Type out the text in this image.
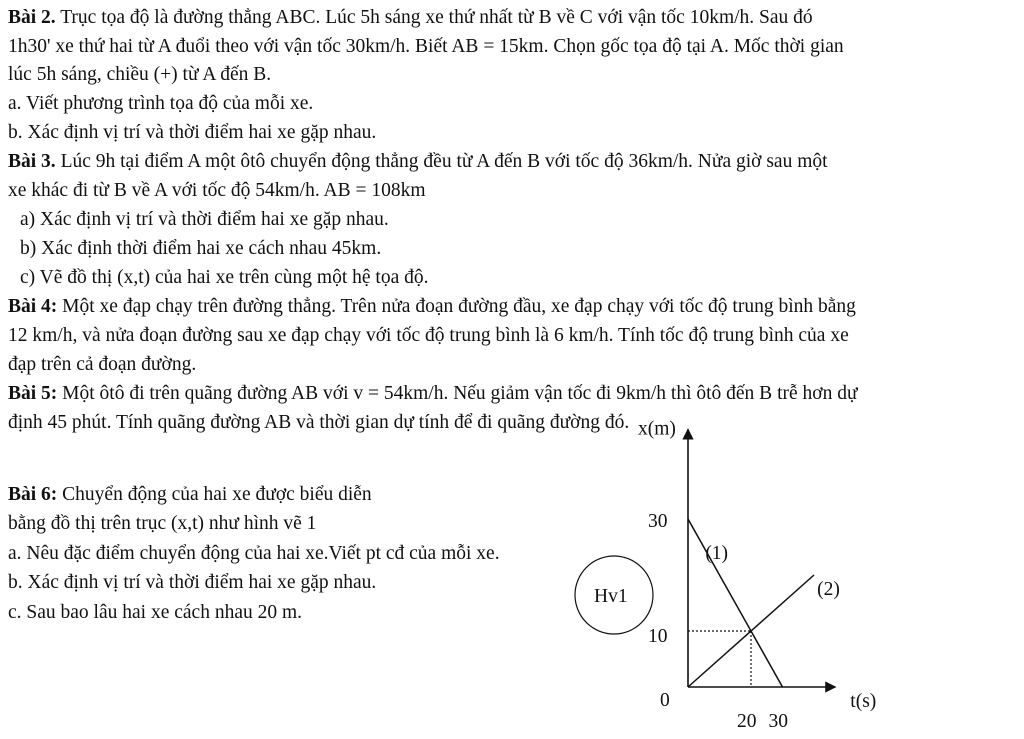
Bài 2. Trục tọa độ là đường thẳng ABC. Lúc 5h sáng xe thứ nhất từ B về C với vận tốc 10km/h. Sau đó
1h30' xe thứ hai từ A đuổi theo với vận tốc 30km/h. Biết AB = 15km. Chọn gốc tọa độ tại A. Mốc thời gian
lúc 5h sáng, chiều (+) từ A đến B.
a. Viết phương trình tọa độ của mỗi xe.
b. Xác định vị trí và thời điểm hai xe gặp nhau.
Bài 3. Lúc 9h tại điểm A một ôtô chuyển động thẳng đều từ A đến B với tốc độ 36km/h. Nửa giờ sau một
xe khác đi từ B về A với tốc độ 54km/h. AB = 108km
a) Xác định vị trí và thời điểm hai xe gặp nhau.
b) Xác định thời điểm hai xe cách nhau 45km.
c) Vẽ đồ thị (x,t) của hai xe trên cùng một hệ tọa độ.
Bài 4: Một xe đạp chạy trên đường thẳng. Trên nửa đoạn đường đầu, xe đạp chạy với tốc độ trung bình bằng
12 km/h, và nửa đoạn đường sau xe đạp chạy với tốc độ trung bình là 6 km/h. Tính tốc độ trung bình của xe
đạp trên cả đoạn đường.
Bài 5: Một ôtô đi trên quãng đường AB với v = 54km/h. Nếu giảm vận tốc đi 9km/h thì ôtô đến B trễ hơn dự
định 45 phút. Tính quãng đường AB và thời gian dự tính để đi quãng đường đó.
Bài 6: Chuyển động của hai xe được biểu diễn
bằng đồ thị trên trục (x,t) như hình vẽ 1
a. Nêu đặc điểm chuyển động của hai xe.Viết pt cđ của mỗi xe.
b. Xác định vị trí và thời điểm hai xe gặp nhau.
c. Sau bao lâu hai xe cách nhau 20 m.
x(m)
t(s)
0
20 30
30
10
(1)
(2)
Hv1
